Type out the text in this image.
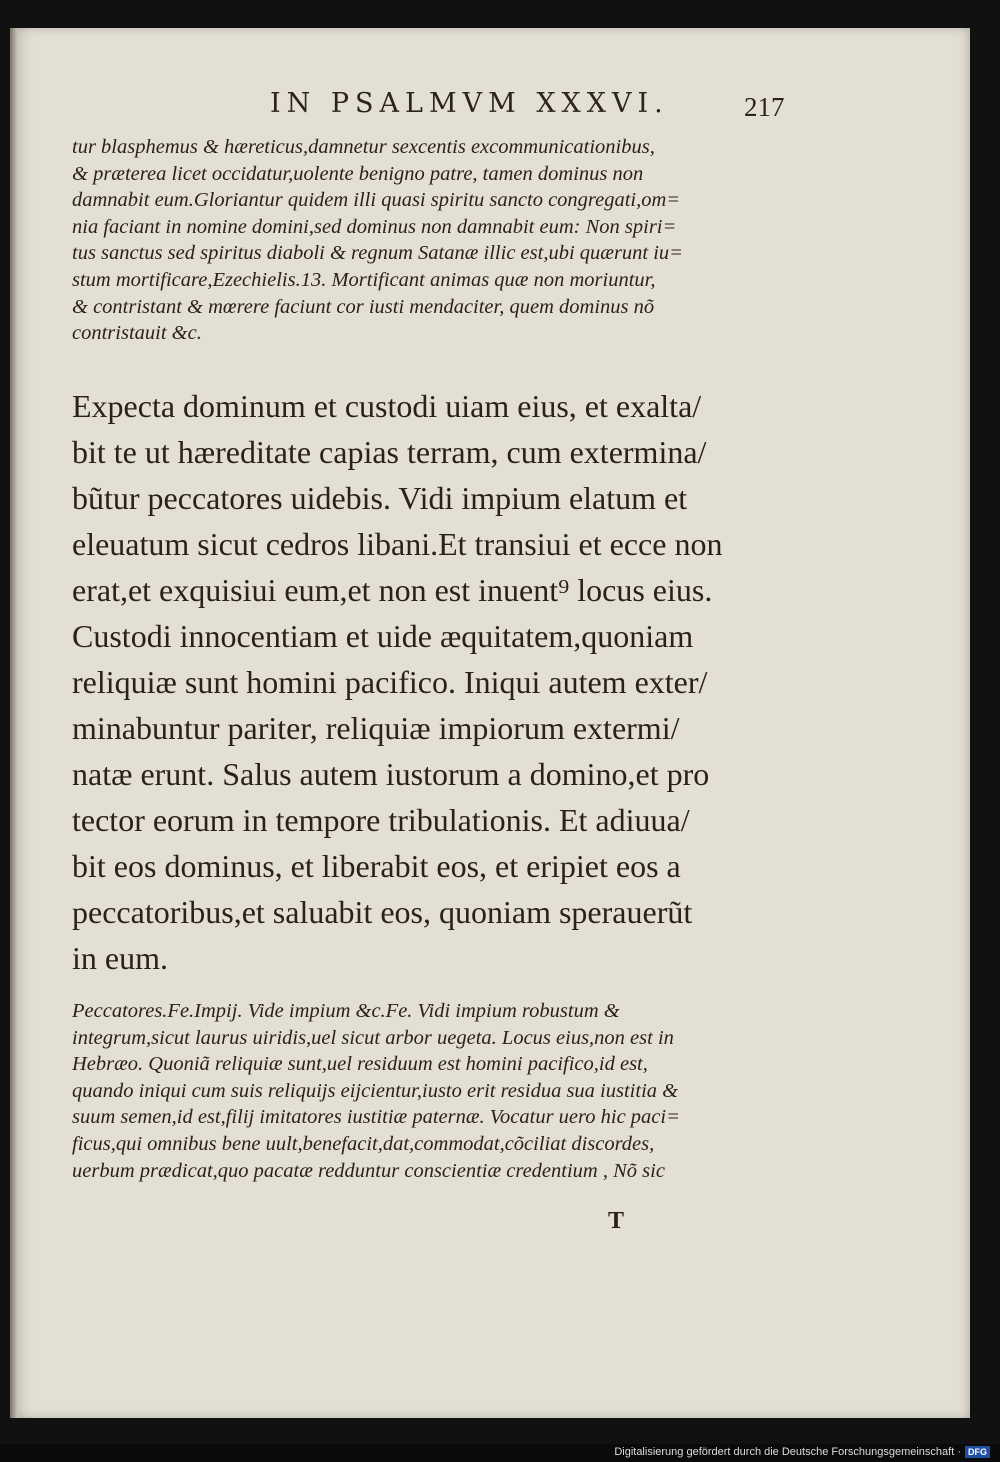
IN PSALMVM XXXVI.	217
tur blasphemus & hæreticus,damnetur sexcentis excommunicationibus,
& præterea licet occidatur,uolente benigno patre, tamen dominus non
damnabit eum.Gloriantur quidem illi quasi spiritu sancto congregati,om=
nia faciant in nomine domini,sed dominus non damnabit eum: Non spiri=
tus sanctus sed spiritus diaboli & regnum Satanæ illic est,ubi quærunt iu=
stum mortificare,Ezechielis.13. Mortificant animas quæ non moriuntur,
& contristant & mœrere faciunt cor iusti mendaciter, quem dominus nõ
contristauit &c.
Expecta dominum et custodi uiam eius, et exalta/
bit te ut hæreditate capias terram, cum extermina/
bũtur peccatores uidebis. Vidi impium elatum et
eleuatum sicut cedros libani.Et transiui et ecce non
erat,et exquisiui eum,et non est inuent⁹ locus eius.
Custodi innocentiam et uide æquitatem,quoniam
reliquiæ sunt homini pacifico. Iniqui autem exter/
minabuntur pariter, reliquiæ impiorum extermi/
natæ erunt. Salus autem iustorum a domino,et pro
tector eorum in tempore tribulationis. Et adiuua/
bit eos dominus, et liberabit eos, et eripiet eos a
peccatoribus,et saluabit eos, quoniam sperauerũt
in eum.
Peccatores.Fe.Impij. Vide impium &c.Fe. Vidi impium robustum &
integrum,sicut laurus uiridis,uel sicut arbor uegeta. Locus eius,non est in
Hebræo. Quoniã reliquiæ sunt,uel residuum est homini pacifico,id est,
quando iniqui cum suis reliquijs eijcientur,iusto erit residua sua iustitia &
suum semen,id est,filij imitatores iustitiæ paternæ. Vocatur uero hic paci=
ficus,qui omnibus bene uult,benefacit,dat,commodat,cõciliat discordes,
uerbum prædicat,quo pacatæ redduntur conscientiæ credentium , Nõ sic
T
Digitalisierung gefördert durch die Deutsche Forschungsgemeinschaft · DFG
